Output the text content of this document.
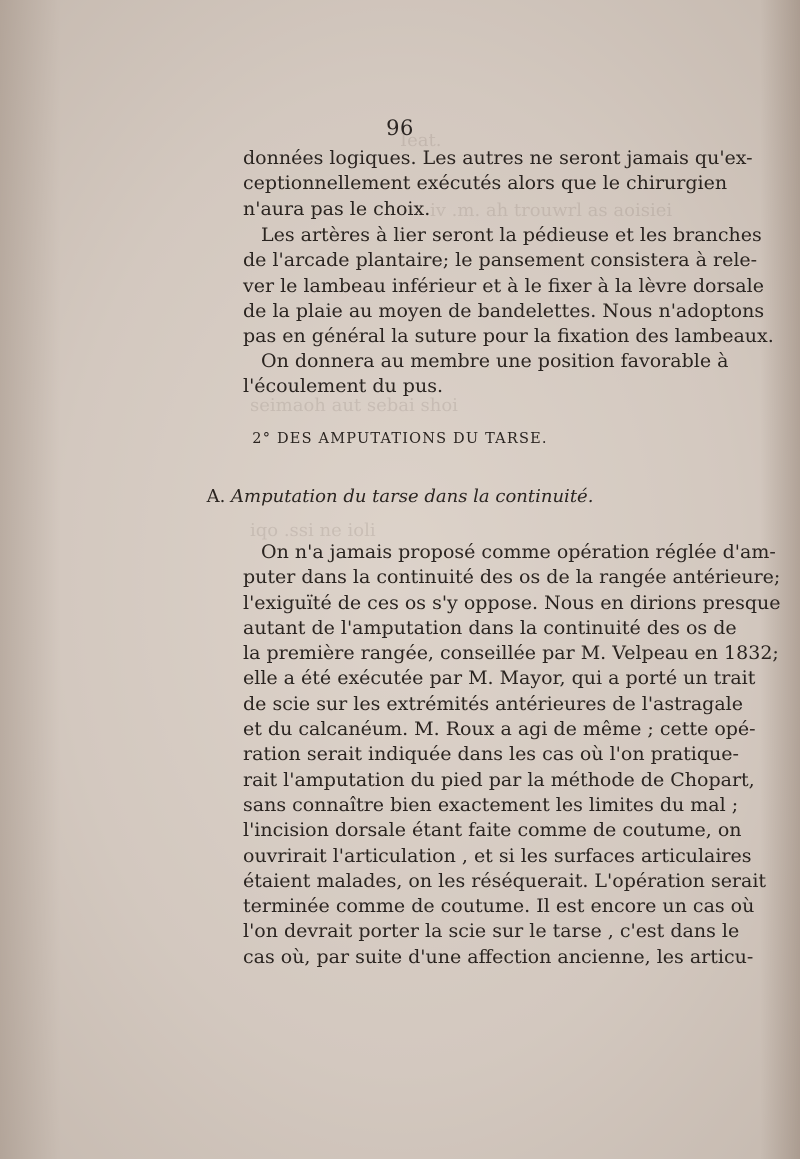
Ieat.
iv .m. ah trouwrl as aoisiei
seimaoh aut sebai shoi
iqo .ssi ne ioli
96

données logiques. Les autres ne seront jamais qu'ex-
ceptionnellement exécutés alors que le chirurgien
n'aura pas le choix.

Les artères à lier seront la pédieuse et les branches
de l'arcade plantaire; le pansement consistera à rele-
ver le lambeau inférieur et à le fixer à la lèvre dorsale
de la plaie au moyen de bandelettes. Nous n'adoptons
pas en général la suture pour la fixation des lambeaux.

On donnera au membre une position favorable à
l'écoulement du pus.

2° DES AMPUTATIONS DU TARSE.
A. Amputation du tarse dans la continuité.

On n'a jamais proposé comme opération réglée d'am-
puter dans la continuité des os de la rangée antérieure;
l'exiguïté de ces os s'y oppose. Nous en dirions presque
autant de l'amputation dans la continuité des os de
la première rangée, conseillée par M. Velpeau en 1832;
elle a été exécutée par M. Mayor, qui a porté un trait
de scie sur les extrémités antérieures de l'astragale
et du calcanéum. M. Roux a agi de même ; cette opé-
ration serait indiquée dans les cas où l'on pratique-
rait l'amputation du pied par la méthode de Chopart,
sans connaître bien exactement les limites du mal ;
l'incision dorsale étant faite comme de coutume, on
ouvrirait l'articulation , et si les surfaces articulaires
étaient malades, on les réséquerait. L'opération serait
terminée comme de coutume. Il est encore un cas où
l'on devrait porter la scie sur le tarse , c'est dans le
cas où, par suite d'une affection ancienne, les articu-
